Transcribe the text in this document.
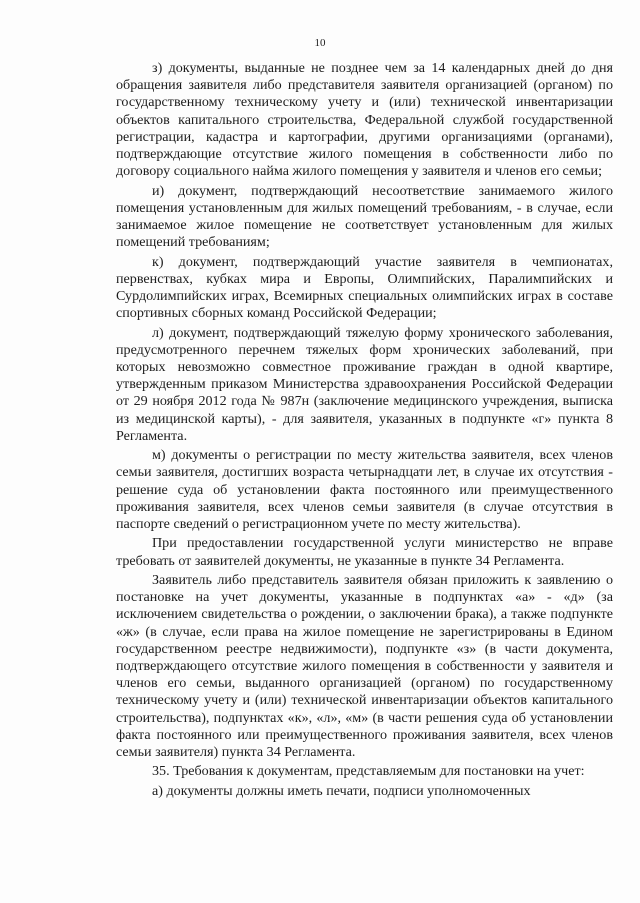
10

з) документы, выданные не позднее чем за 14 календарных дней до дня обращения заявителя либо представителя заявителя организацией (органом) по государственному техническому учету и (или) технической инвентаризации объектов капитального строительства, Федеральной службой государственной регистрации, кадастра и картографии, другими организациями (органами), подтверждающие отсутствие жилого помещения в собственности либо по договору социального найма жилого помещения у заявителя и членов его семьи;

и) документ, подтверждающий несоответствие занимаемого жилого помещения установленным для жилых помещений требованиям, - в случае, если занимаемое жилое помещение не соответствует установленным для жилых помещений требованиям;

к) документ, подтверждающий участие заявителя в чемпионатах, первенствах, кубках мира и Европы, Олимпийских, Паралимпийских и Сурдолимпийских играх, Всемирных специальных олимпийских играх в составе спортивных сборных команд Российской Федерации;

л) документ, подтверждающий тяжелую форму хронического заболевания, предусмотренного перечнем тяжелых форм хронических заболеваний, при которых невозможно совместное проживание граждан в одной квартире, утвержденным приказом Министерства здравоохранения Российской Федерации от 29 ноября 2012 года № 987н (заключение медицинского учреждения, выписка из медицинской карты), - для заявителя, указанных в подпункте «г» пункта 8 Регламента.

м) документы о регистрации по месту жительства заявителя, всех членов семьи заявителя, достигших возраста четырнадцати лет, в случае их отсутствия - решение суда об установлении факта постоянного или преимущественного проживания заявителя, всех членов семьи заявителя (в случае отсутствия в паспорте сведений о регистрационном учете по месту жительства).

При предоставлении государственной услуги министерство не вправе требовать от заявителей документы, не указанные в пункте 34 Регламента.

Заявитель либо представитель заявителя обязан приложить к заявлению о постановке на учет документы, указанные в подпунктах «а» - «д» (за исключением свидетельства о рождении, о заключении брака), а также подпункте «ж» (в случае, если права на жилое помещение не зарегистрированы в Едином государственном реестре недвижимости), подпункте «з» (в части документа, подтверждающего отсутствие жилого помещения в собственности у заявителя и членов его семьи, выданного организацией (органом) по государственному техническому учету и (или) технической инвентаризации объектов капитального строительства), подпунктах «к», «л», «м» (в части решения суда об установлении факта постоянного или преимущественного проживания заявителя, всех членов семьи заявителя) пункта 34 Регламента.

35. Требования к документам, представляемым для постановки на учет:

а) документы должны иметь печати, подписи уполномоченных
